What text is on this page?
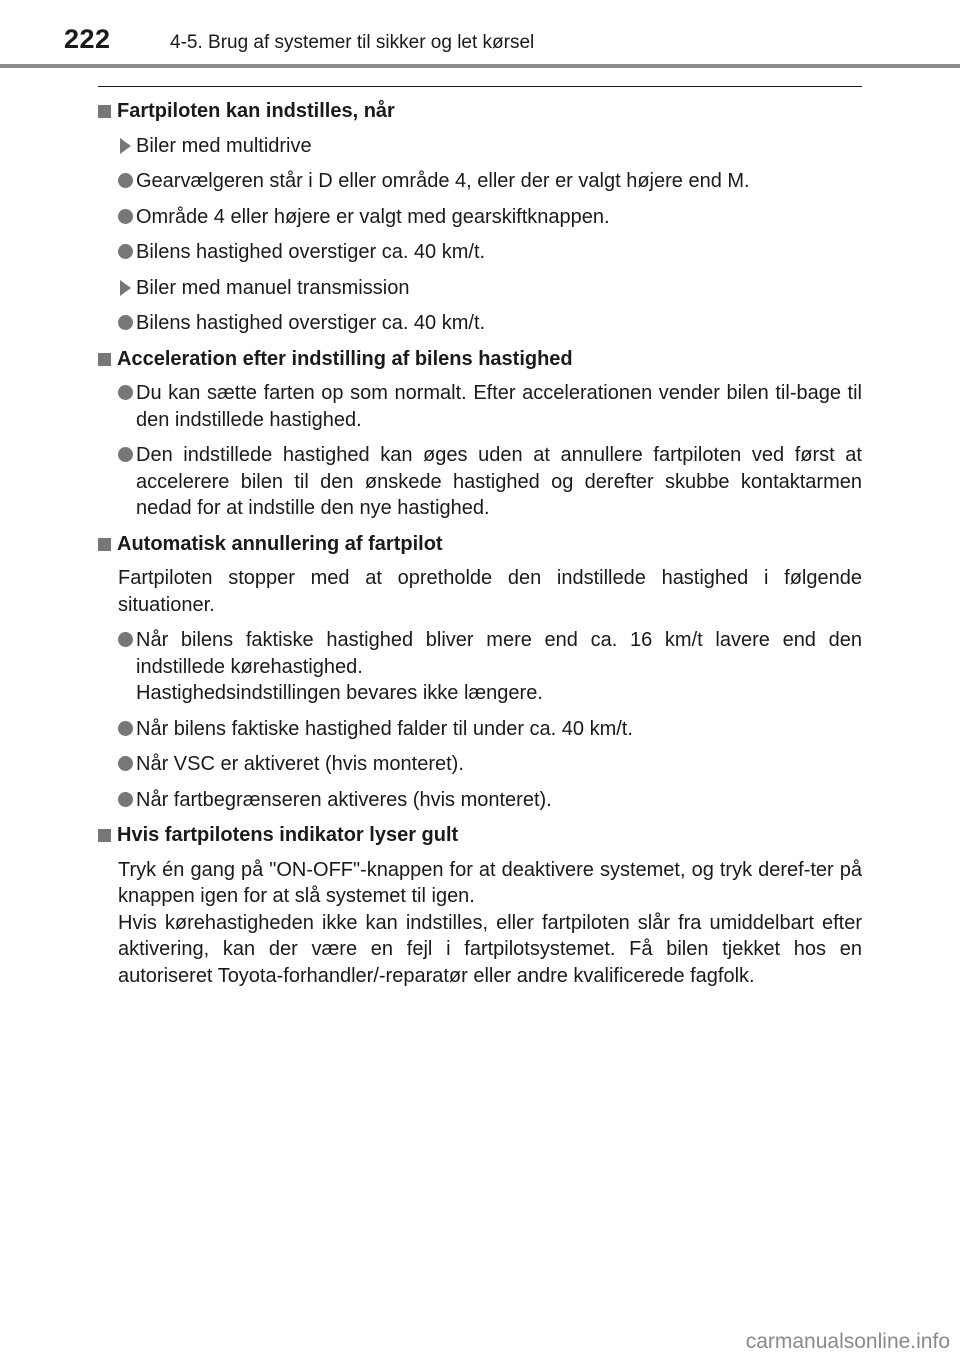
222	4-5. Brug af systemer til sikker og let kørsel
Fartpiloten kan indstilles, når
Biler med multidrive
Gearvælgeren står i D eller område 4, eller der er valgt højere end M.
Område 4 eller højere er valgt med gearskiftknappen.
Bilens hastighed overstiger ca. 40 km/t.
Biler med manuel transmission
Bilens hastighed overstiger ca. 40 km/t.
Acceleration efter indstilling af bilens hastighed
Du kan sætte farten op som normalt. Efter accelerationen vender bilen til-bage til den indstillede hastighed.
Den indstillede hastighed kan øges uden at annullere fartpiloten ved først at accelerere bilen til den ønskede hastighed og derefter skubbe kontaktarmen nedad for at indstille den nye hastighed.
Automatisk annullering af fartpilot
Fartpiloten stopper med at opretholde den indstillede hastighed i følgende situationer.
Når bilens faktiske hastighed bliver mere end ca. 16 km/t lavere end den indstillede kørehastighed.
Hastighedsindstillingen bevares ikke længere.
Når bilens faktiske hastighed falder til under ca. 40 km/t.
Når VSC er aktiveret (hvis monteret).
Når fartbegrænseren aktiveres (hvis monteret).
Hvis fartpilotens indikator lyser gult
Tryk én gang på "ON-OFF"-knappen for at deaktivere systemet, og tryk deref-ter på knappen igen for at slå systemet til igen.
Hvis kørehastigheden ikke kan indstilles, eller fartpiloten slår fra umiddelbart efter aktivering, kan der være en fejl i fartpilotsystemet. Få bilen tjekket hos en autoriseret Toyota-forhandler/-reparatør eller andre kvalificerede fagfolk.
carmanualsonline.info
